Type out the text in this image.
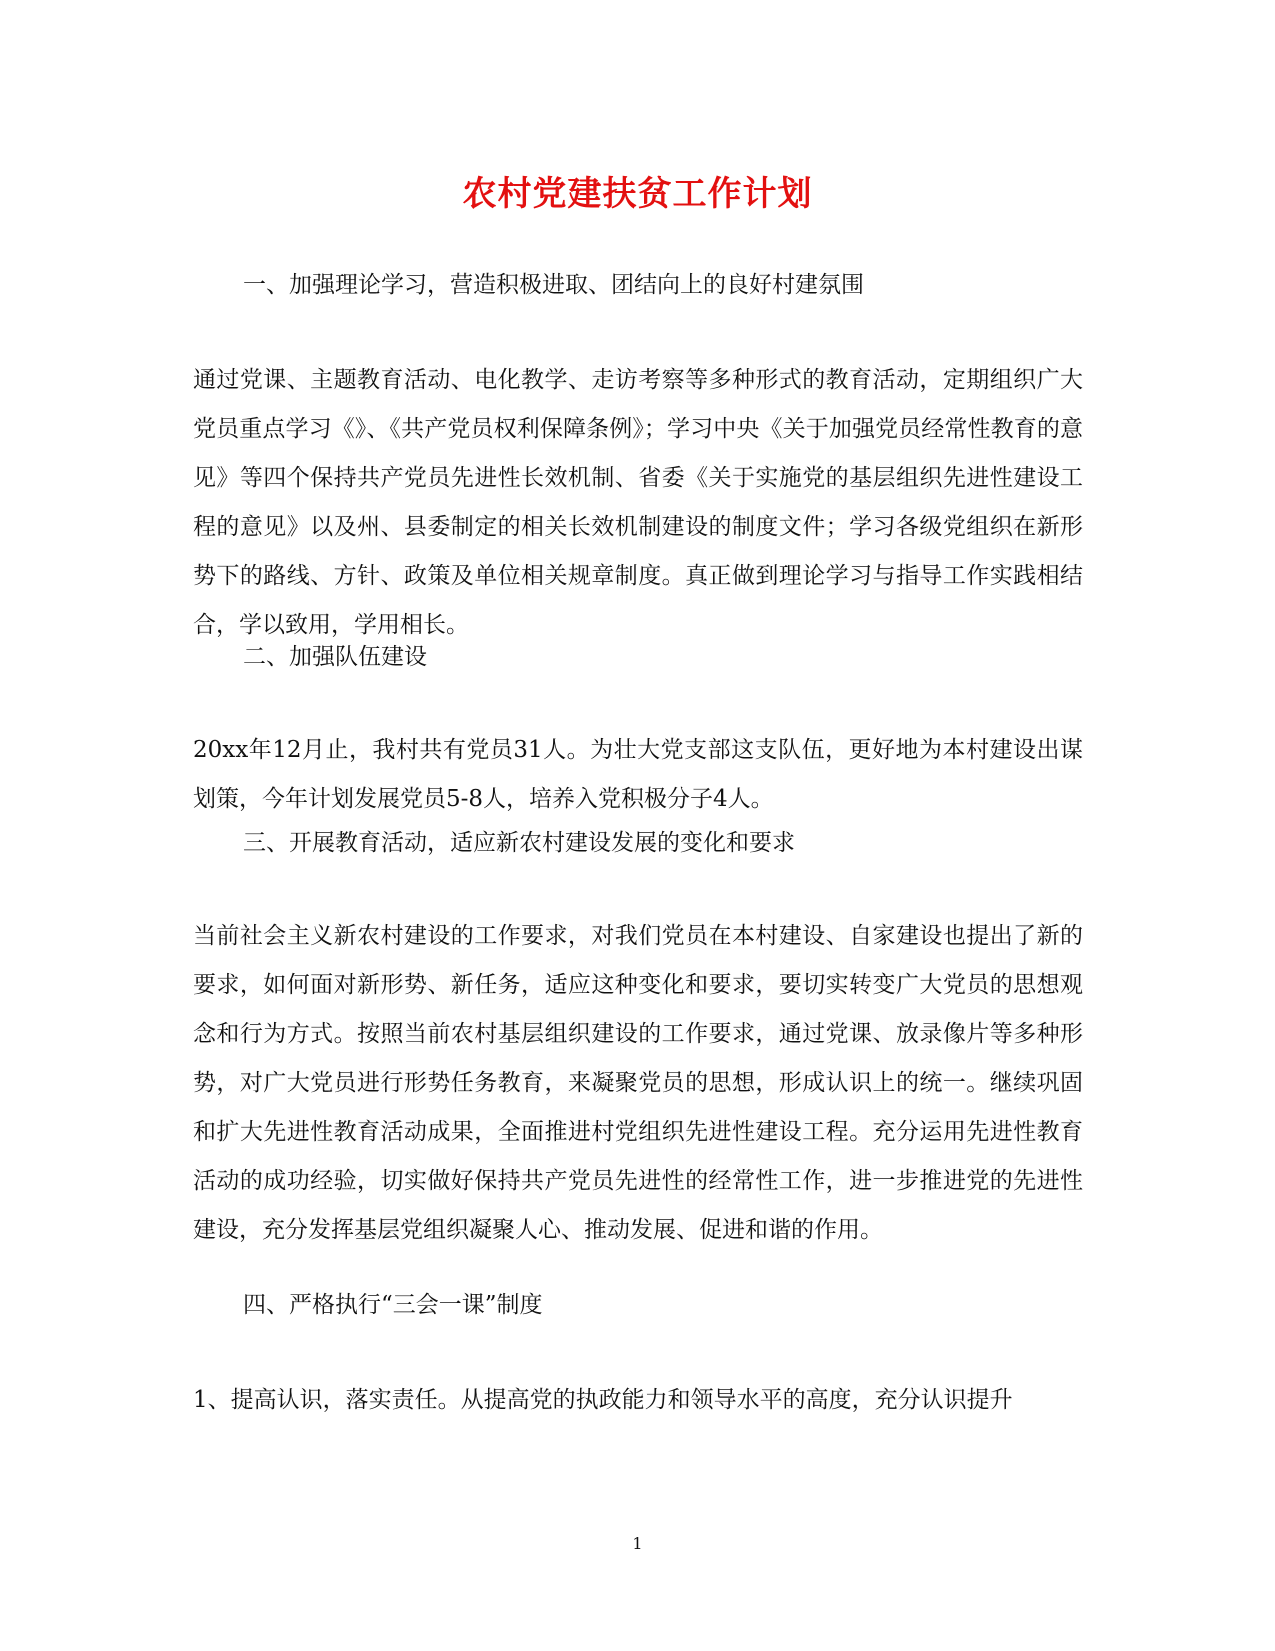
农村党建扶贫工作计划
一、加强理论学习，营造积极进取、团结向上的良好村建氛围
通过党课、主题教育活动、电化教学、走访考察等多种形式的教育活动，定期组织广大党员重点学习《》、《共产党员权利保障条例》；学习中央《关于加强党员经常性教育的意见》等四个保持共产党员先进性长效机制、省委《关于实施党的基层组织先进性建设工程的意见》以及州、县委制定的相关长效机制建设的制度文件；学习各级党组织在新形势下的路线、方针、政策及单位相关规章制度。真正做到理论学习与指导工作实践相结合，学以致用，学用相长。
二、加强队伍建设
20xx年12月止，我村共有党员31人。为壮大党支部这支队伍，更好地为本村建设出谋划策，今年计划发展党员5-8人，培养入党积极分子4人。
三、开展教育活动，适应新农村建设发展的变化和要求
当前社会主义新农村建设的工作要求，对我们党员在本村建设、自家建设也提出了新的要求，如何面对新形势、新任务，适应这种变化和要求，要切实转变广大党员的思想观念和行为方式。按照当前农村基层组织建设的工作要求，通过党课、放录像片等多种形势，对广大党员进行形势任务教育，来凝聚党员的思想，形成认识上的统一。继续巩固和扩大先进性教育活动成果，全面推进村党组织先进性建设工程。充分运用先进性教育活动的成功经验，切实做好保持共产党员先进性的经常性工作，进一步推进党的先进性建设，充分发挥基层党组织凝聚人心、推动发展、促进和谐的作用。
四、严格执行“三会一课”制度
1、提高认识，落实责任。从提高党的执政能力和领导水平的高度，充分认识提升
1
